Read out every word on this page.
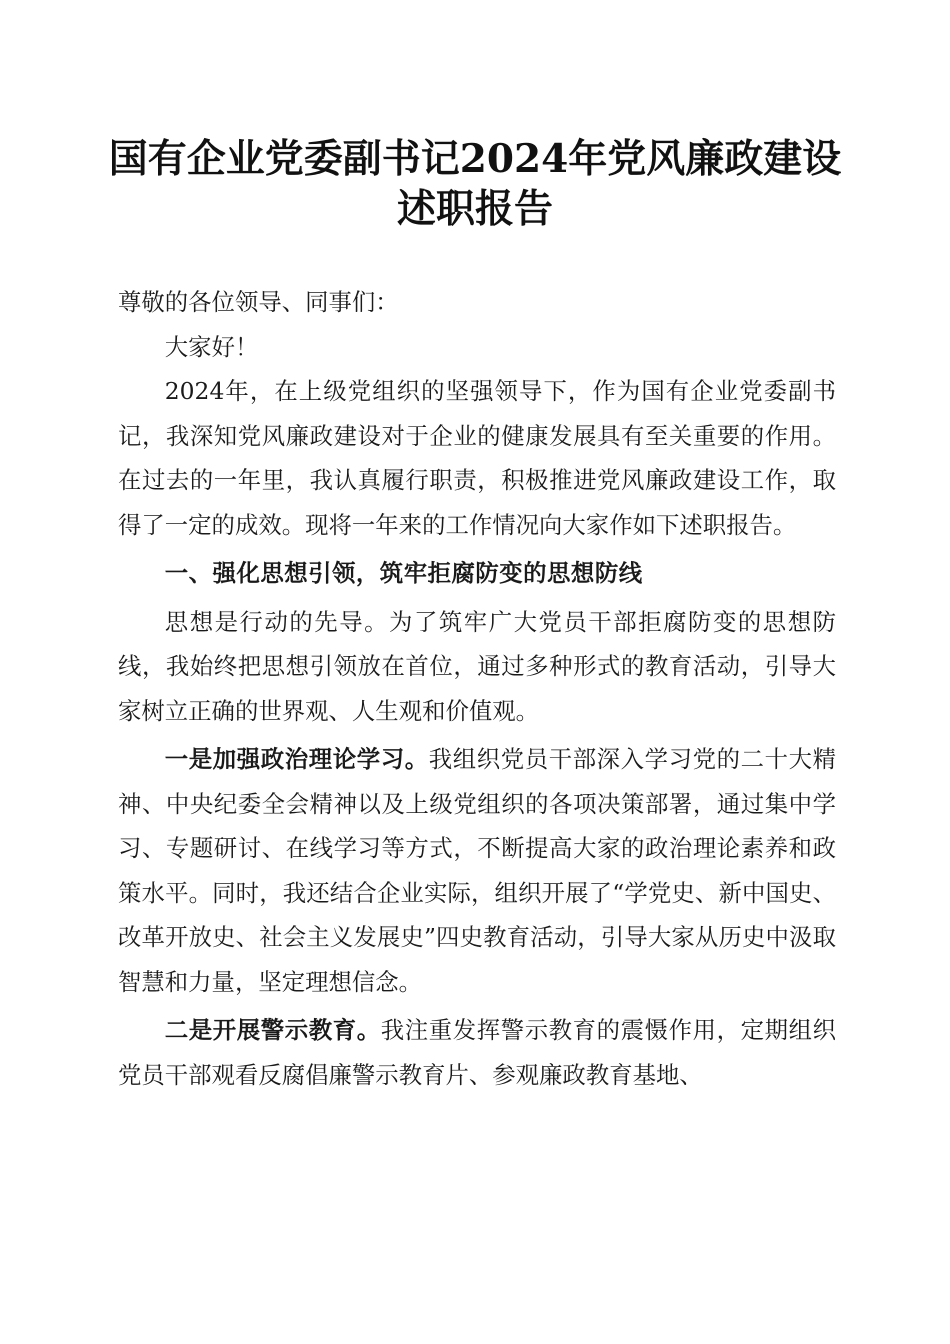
国有企业党委副书记2024年党风廉政建设述职报告

尊敬的各位领导、同事们：

大家好！

2024年，在上级党组织的坚强领导下，作为国有企业党委副书记，我深知党风廉政建设对于企业的健康发展具有至关重要的作用。在过去的一年里，我认真履行职责，积极推进党风廉政建设工作，取得了一定的成效。现将一年来的工作情况向大家作如下述职报告。

一、强化思想引领，筑牢拒腐防变的思想防线

思想是行动的先导。为了筑牢广大党员干部拒腐防变的思想防线，我始终把思想引领放在首位，通过多种形式的教育活动，引导大家树立正确的世界观、人生观和价值观。

一是加强政治理论学习。我组织党员干部深入学习党的二十大精神、中央纪委全会精神以及上级党组织的各项决策部署，通过集中学习、专题研讨、在线学习等方式，不断提高大家的政治理论素养和政策水平。同时，我还结合企业实际，组织开展了“学党史、新中国史、改革开放史、社会主义发展史”四史教育活动，引导大家从历史中汲取智慧和力量，坚定理想信念。

二是开展警示教育。我注重发挥警示教育的震慑作用，定期组织党员干部观看反腐倡廉警示教育片、参观廉政教育基地、
